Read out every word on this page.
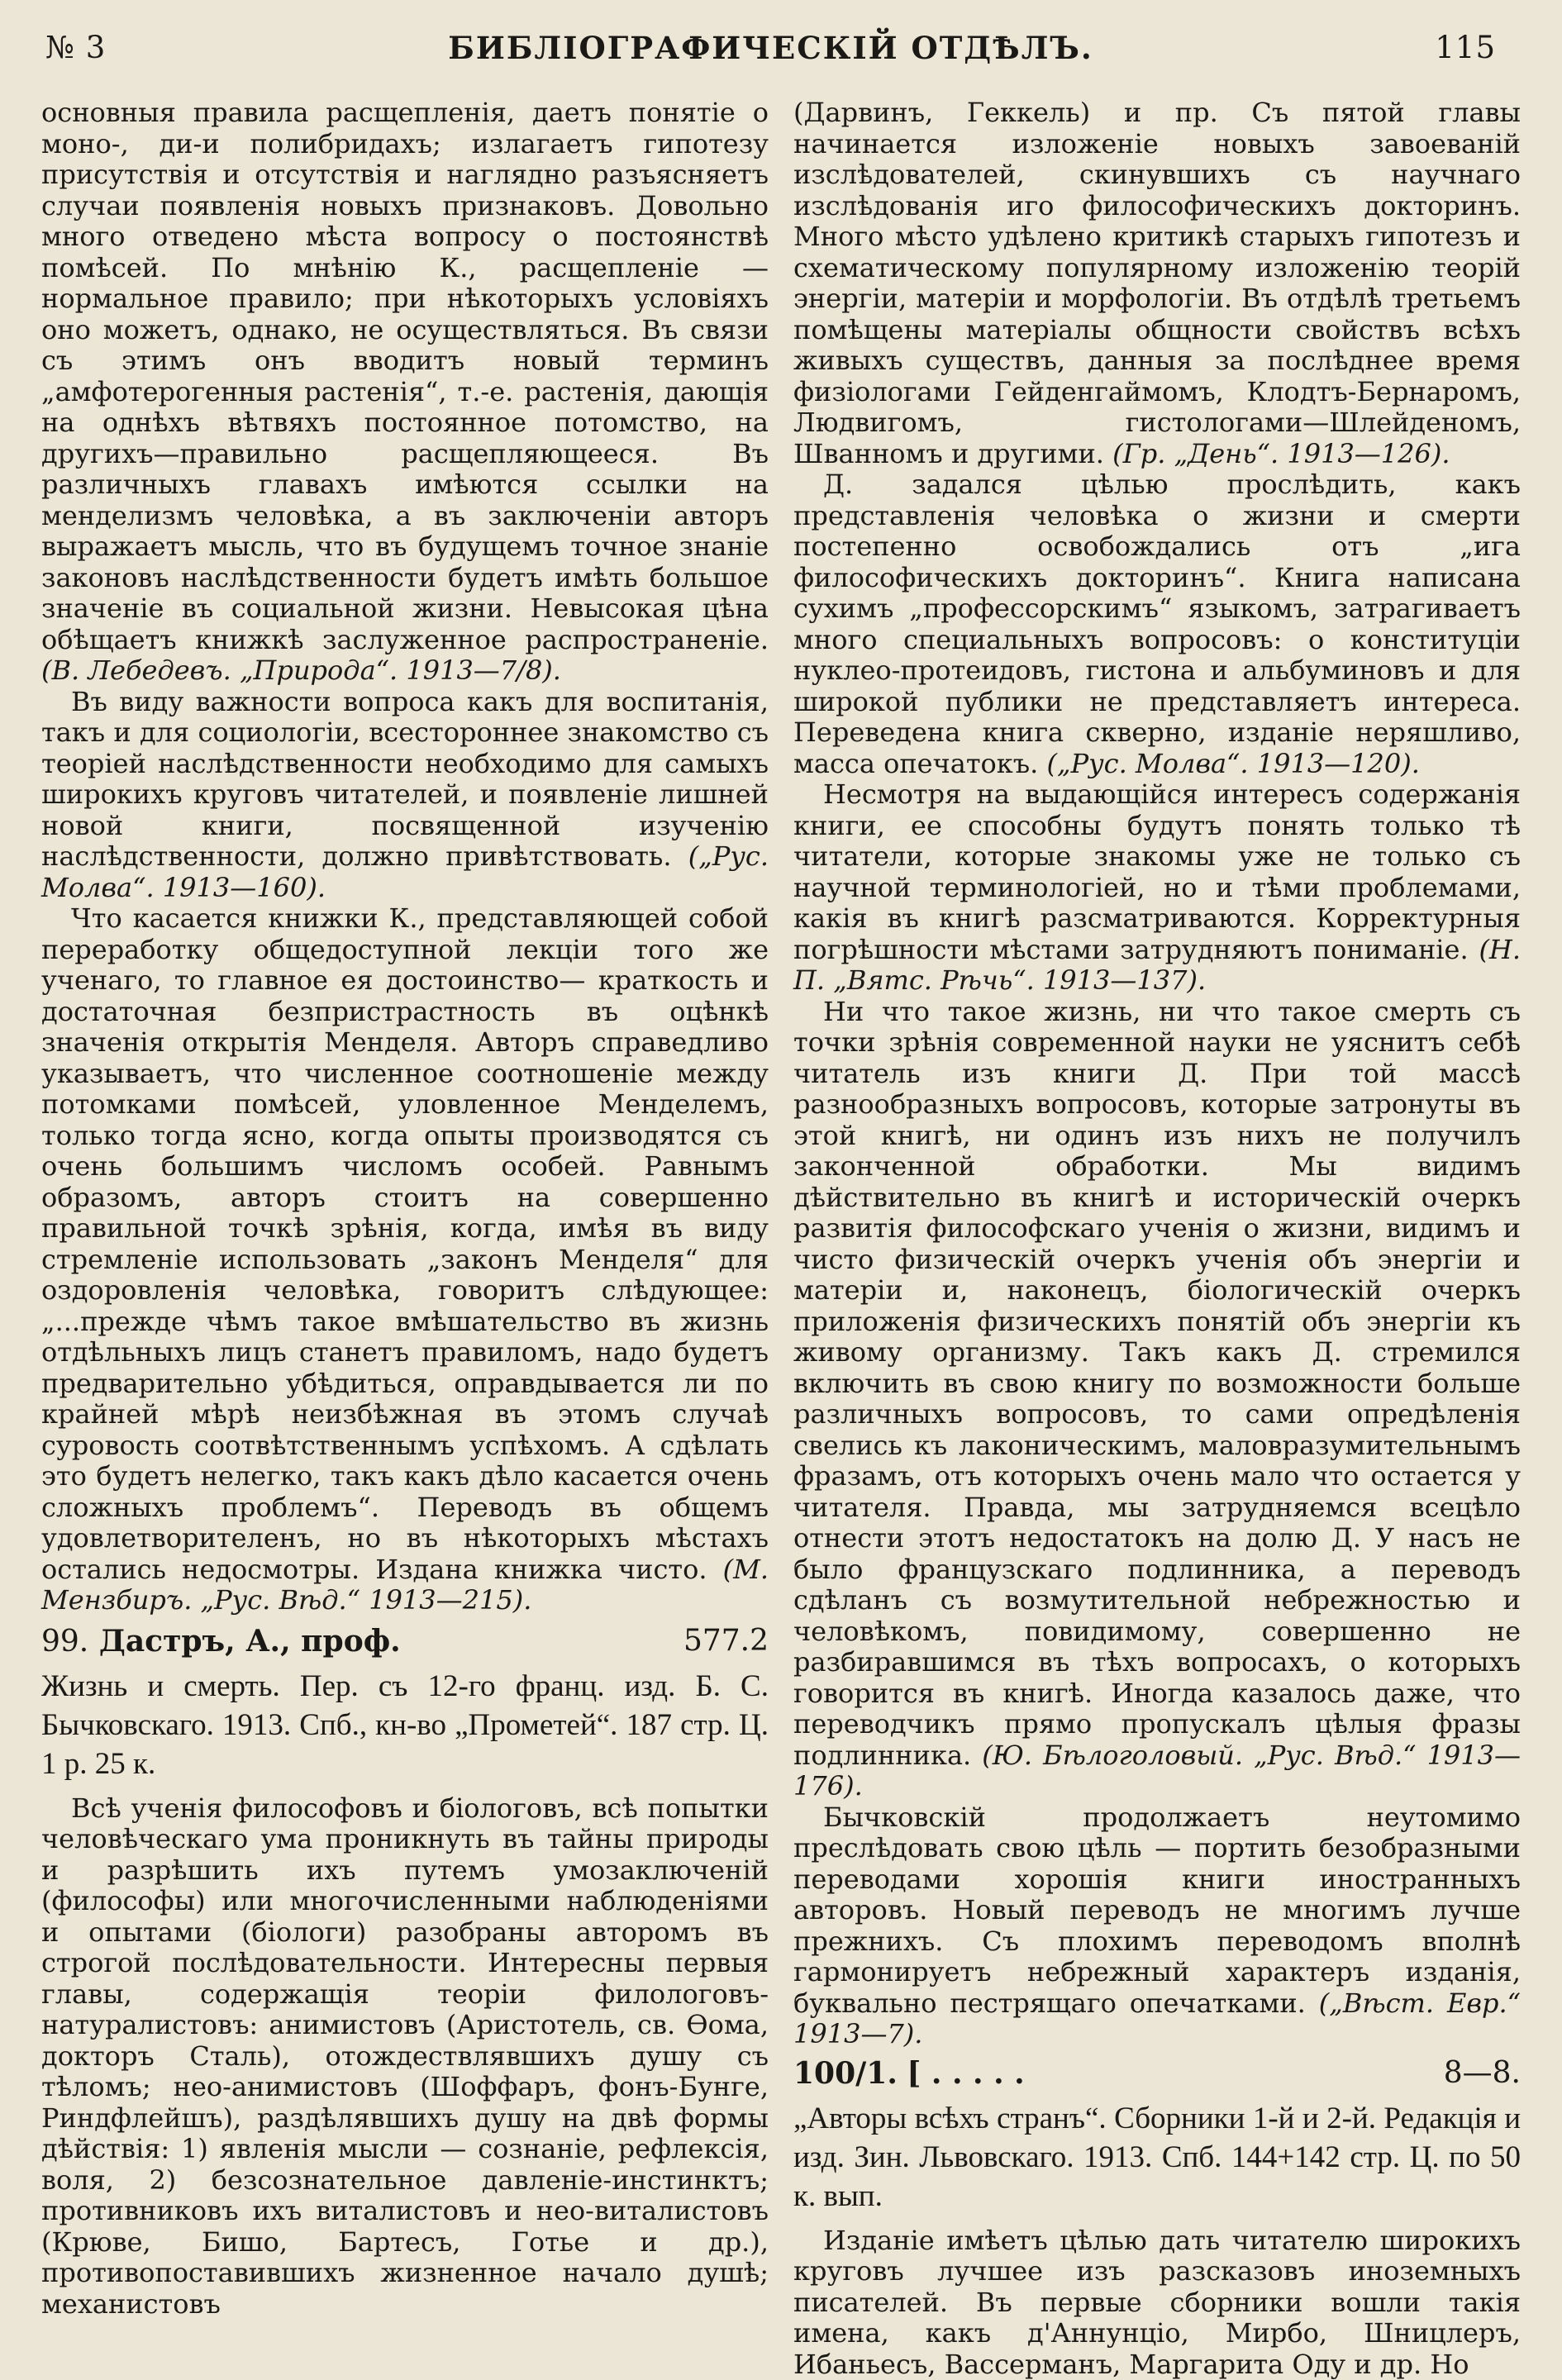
№ 3	БИБЛIОГРАФИЧЕСКIЙ ОТДѢЛЪ.	115

основныя правила расщепленiя, даетъ понятiе о моно-, ди-и полибридахъ; излагаетъ гипотезу присутствiя и отсутствiя и наглядно разъясняетъ случаи появленiя новыхъ признаковъ. Довольно много отведено мѣста вопросу о постоянствѣ помѣсей. По мнѣнiю К., расщепленiе — нормальное правило; при нѣкоторыхъ условiяхъ оно можетъ, однако, не осуществляться. Въ связи съ этимъ онъ вводитъ новый терминъ „амфотерогенныя растенiя“, т.-е. растенiя, дающiя на однѣхъ вѣтвяхъ постоянное потомство, на другихъ—правильно расщепляющееся. Въ различныхъ главахъ имѣются ссылки на менделизмъ человѣка, а въ заключенiи авторъ выражаетъ мысль, что въ будущемъ точное знанiе законовъ наслѣдственности будетъ имѣть большое значенiе въ социальной жизни. Невысокая цѣна обѣщаетъ книжкѣ заслуженное распространенiе. (В. Лебедевъ. „Природа“. 1913—7/8).

Въ виду важности вопроса какъ для воспитанiя, такъ и для социологiи, всестороннее знакомство съ теорiей наслѣдственности необходимо для самыхъ широкихъ круговъ читателей, и появленiе лишней новой книги, посвященной изученiю наслѣдственности, должно привѣтствовать. („Рус. Молва“. 1913—160).

Что касается книжки К., представляющей собой переработку общедоступной лекцiи того же ученаго, то главное ея достоинство— краткость и достаточная безпристрастность въ оцѣнкѣ значенiя открытiя Менделя. Авторъ справедливо указываетъ, что численное соотношенiе между потомками помѣсей, уловленное Менделемъ, только тогда ясно, когда опыты производятся съ очень большимъ числомъ особей. Равнымъ образомъ, авторъ стоитъ на совершенно правильной точкѣ зрѣнiя, когда, имѣя въ виду стремленiе использовать „законъ Менделя“ для оздоровленiя человѣка, говоритъ слѣдующее: „...прежде чѣмъ такое вмѣшательство въ жизнь отдѣльныхъ лицъ станетъ правиломъ, надо будетъ предварительно убѣдиться, оправдывается ли по крайней мѣрѣ неизбѣжная въ этомъ случаѣ суровость соотвѣтственнымъ успѣхомъ. А сдѣлать это будетъ нелегко, такъ какъ дѣло касается очень сложныхъ проблемъ“. Переводъ въ общемъ удовлетворителенъ, но въ нѣкоторыхъ мѣстахъ остались недосмотры. Издана книжка чисто. (М. Мензбиръ. „Рус. Вѣд.“ 1913—215).

99. Дастръ, А., проф.	577.2
Жизнь и смерть. Пер. съ 12-го франц. изд. Б. С. Бычковскаго. 1913. Спб., кн-во „Прометей“. 187 стр. Ц. 1 р. 25 к.

Всѣ ученiя философовъ и бiологовъ, всѣ попытки человѣческаго ума проникнуть въ тайны природы и разрѣшить ихъ путемъ умозаключенiй (философы) или многочисленными наблюденiями и опытами (бiологи) разобраны авторомъ въ строгой послѣдовательности. Интересны первыя главы, содержащiя теорiи филологовъ-натуралистовъ: анимистовъ (Аристотель, св. Ѳома, докторъ Сталь), отождествлявшихъ душу съ тѣломъ; нео-анимистовъ (Шоффаръ, фонъ-Бунге, Риндфлейшъ), раздѣлявшихъ душу на двѣ формы дѣйствiя: 1) явленiя мысли — сознанiе, рефлексiя, воля, 2) безсознательное давленiе-инстинктъ; противниковъ ихъ виталистовъ и нео-виталистовъ (Крюве, Бишо, Бартесъ, Готье и др.), противопоставившихъ жизненное начало душѣ; механистовъ

(Дарвинъ, Геккель) и пр. Съ пятой главы начинается изложенiе новыхъ завоеванiй изслѣдователей, скинувшихъ съ научнаго изслѣдованiя иго философическихъ докторинъ. Много мѣсто удѣлено критикѣ старыхъ гипотезъ и схематическому популярному изложенiю теорiй энергiи, матерiи и морфологiи. Въ отдѣлѣ третьемъ помѣщены матерiалы общности свойствъ всѣхъ живыхъ существъ, данныя за послѣднее время физiологами Гейденгаймомъ, Клодтъ-Бернаромъ, Людвигомъ, гистологами—Шлейденомъ, Шванномъ и другими. (Гр. „День“. 1913—126).

Д. задался цѣлью прослѣдить, какъ представленiя человѣка о жизни и смерти постепенно освобождались отъ „ига философическихъ докторинъ“. Книга написана сухимъ „профессорскимъ“ языкомъ, затрагиваетъ много специальныхъ вопросовъ: о конституцiи нуклео-протеидовъ, гистона и альбуминовъ и для широкой публики не представляетъ интереса. Переведена книга скверно, изданiе неряшливо, масса опечатокъ. („Рус. Молва“. 1913—120).

Несмотря на выдающiйся интересъ содержанiя книги, ее способны будутъ понять только тѣ читатели, которые знакомы уже не только съ научной терминологiей, но и тѣми проблемами, какiя въ книгѣ разсматриваются. Корректурныя погрѣшности мѣстами затрудняютъ пониманiе. (Н. П. „Вятс. Рѣчь“. 1913—137).

Ни что такое жизнь, ни что такое смерть съ точки зрѣнiя современной науки не уяснитъ себѣ читатель изъ книги Д. При той массѣ разнообразныхъ вопросовъ, которые затронуты въ этой книгѣ, ни одинъ изъ нихъ не получилъ законченной обработки. Мы видимъ дѣйствительно въ книгѣ и историческiй очеркъ развитiя философскаго ученiя о жизни, видимъ и чисто физическiй очеркъ ученiя объ энергiи и матерiи и, наконецъ, бiологическiй очеркъ приложенiя физическихъ понятiй объ энергiи къ живому организму. Такъ какъ Д. стремился включить въ свою книгу по возможности больше различныхъ вопросовъ, то сами опредѣленiя свелись къ лаконическимъ, маловразумительнымъ фразамъ, отъ которыхъ очень мало что остается у читателя. Правда, мы затрудняемся всецѣло отнести этотъ недостатокъ на долю Д. У насъ не было французскаго подлинника, а переводъ сдѣланъ съ возмутительной небрежностью и человѣкомъ, повидимому, совершенно не разбиравшимся въ тѣхъ вопросахъ, о которыхъ говорится въ книгѣ. Иногда казалось даже, что переводчикъ прямо пропускалъ цѣлыя фразы подлинника. (Ю. Бѣлоголовый. „Рус. Вѣд.“ 1913—176).

Бычковскiй продолжаетъ неутомимо преслѣдовать свою цѣль — портить безобразными переводами хорошiя книги иностранныхъ авторовъ. Новый переводъ не многимъ лучше прежнихъ. Съ плохимъ переводомъ вполнѣ гармонируетъ небрежный характеръ изданiя, буквально пестрящаго опечатками. („Вѣст. Евр.“ 1913—7).

100/1. [ . . . . .	8—8.
„Авторы всѣхъ странъ“. Сборники 1-й и 2-й. Редакцiя и изд. Зин. Львовскаго. 1913. Спб. 144+142 стр. Ц. по 50 к. вып.

Изданiе имѣетъ цѣлью дать читателю широкихъ круговъ лучшее изъ разсказовъ иноземныхъ писателей. Въ первые сборники вошли такiя имена, какъ д'Аннунцiо, Мирбо, Шницлеръ, Ибаньесъ, Вассерманъ, Маргарита Оду и др. Но
